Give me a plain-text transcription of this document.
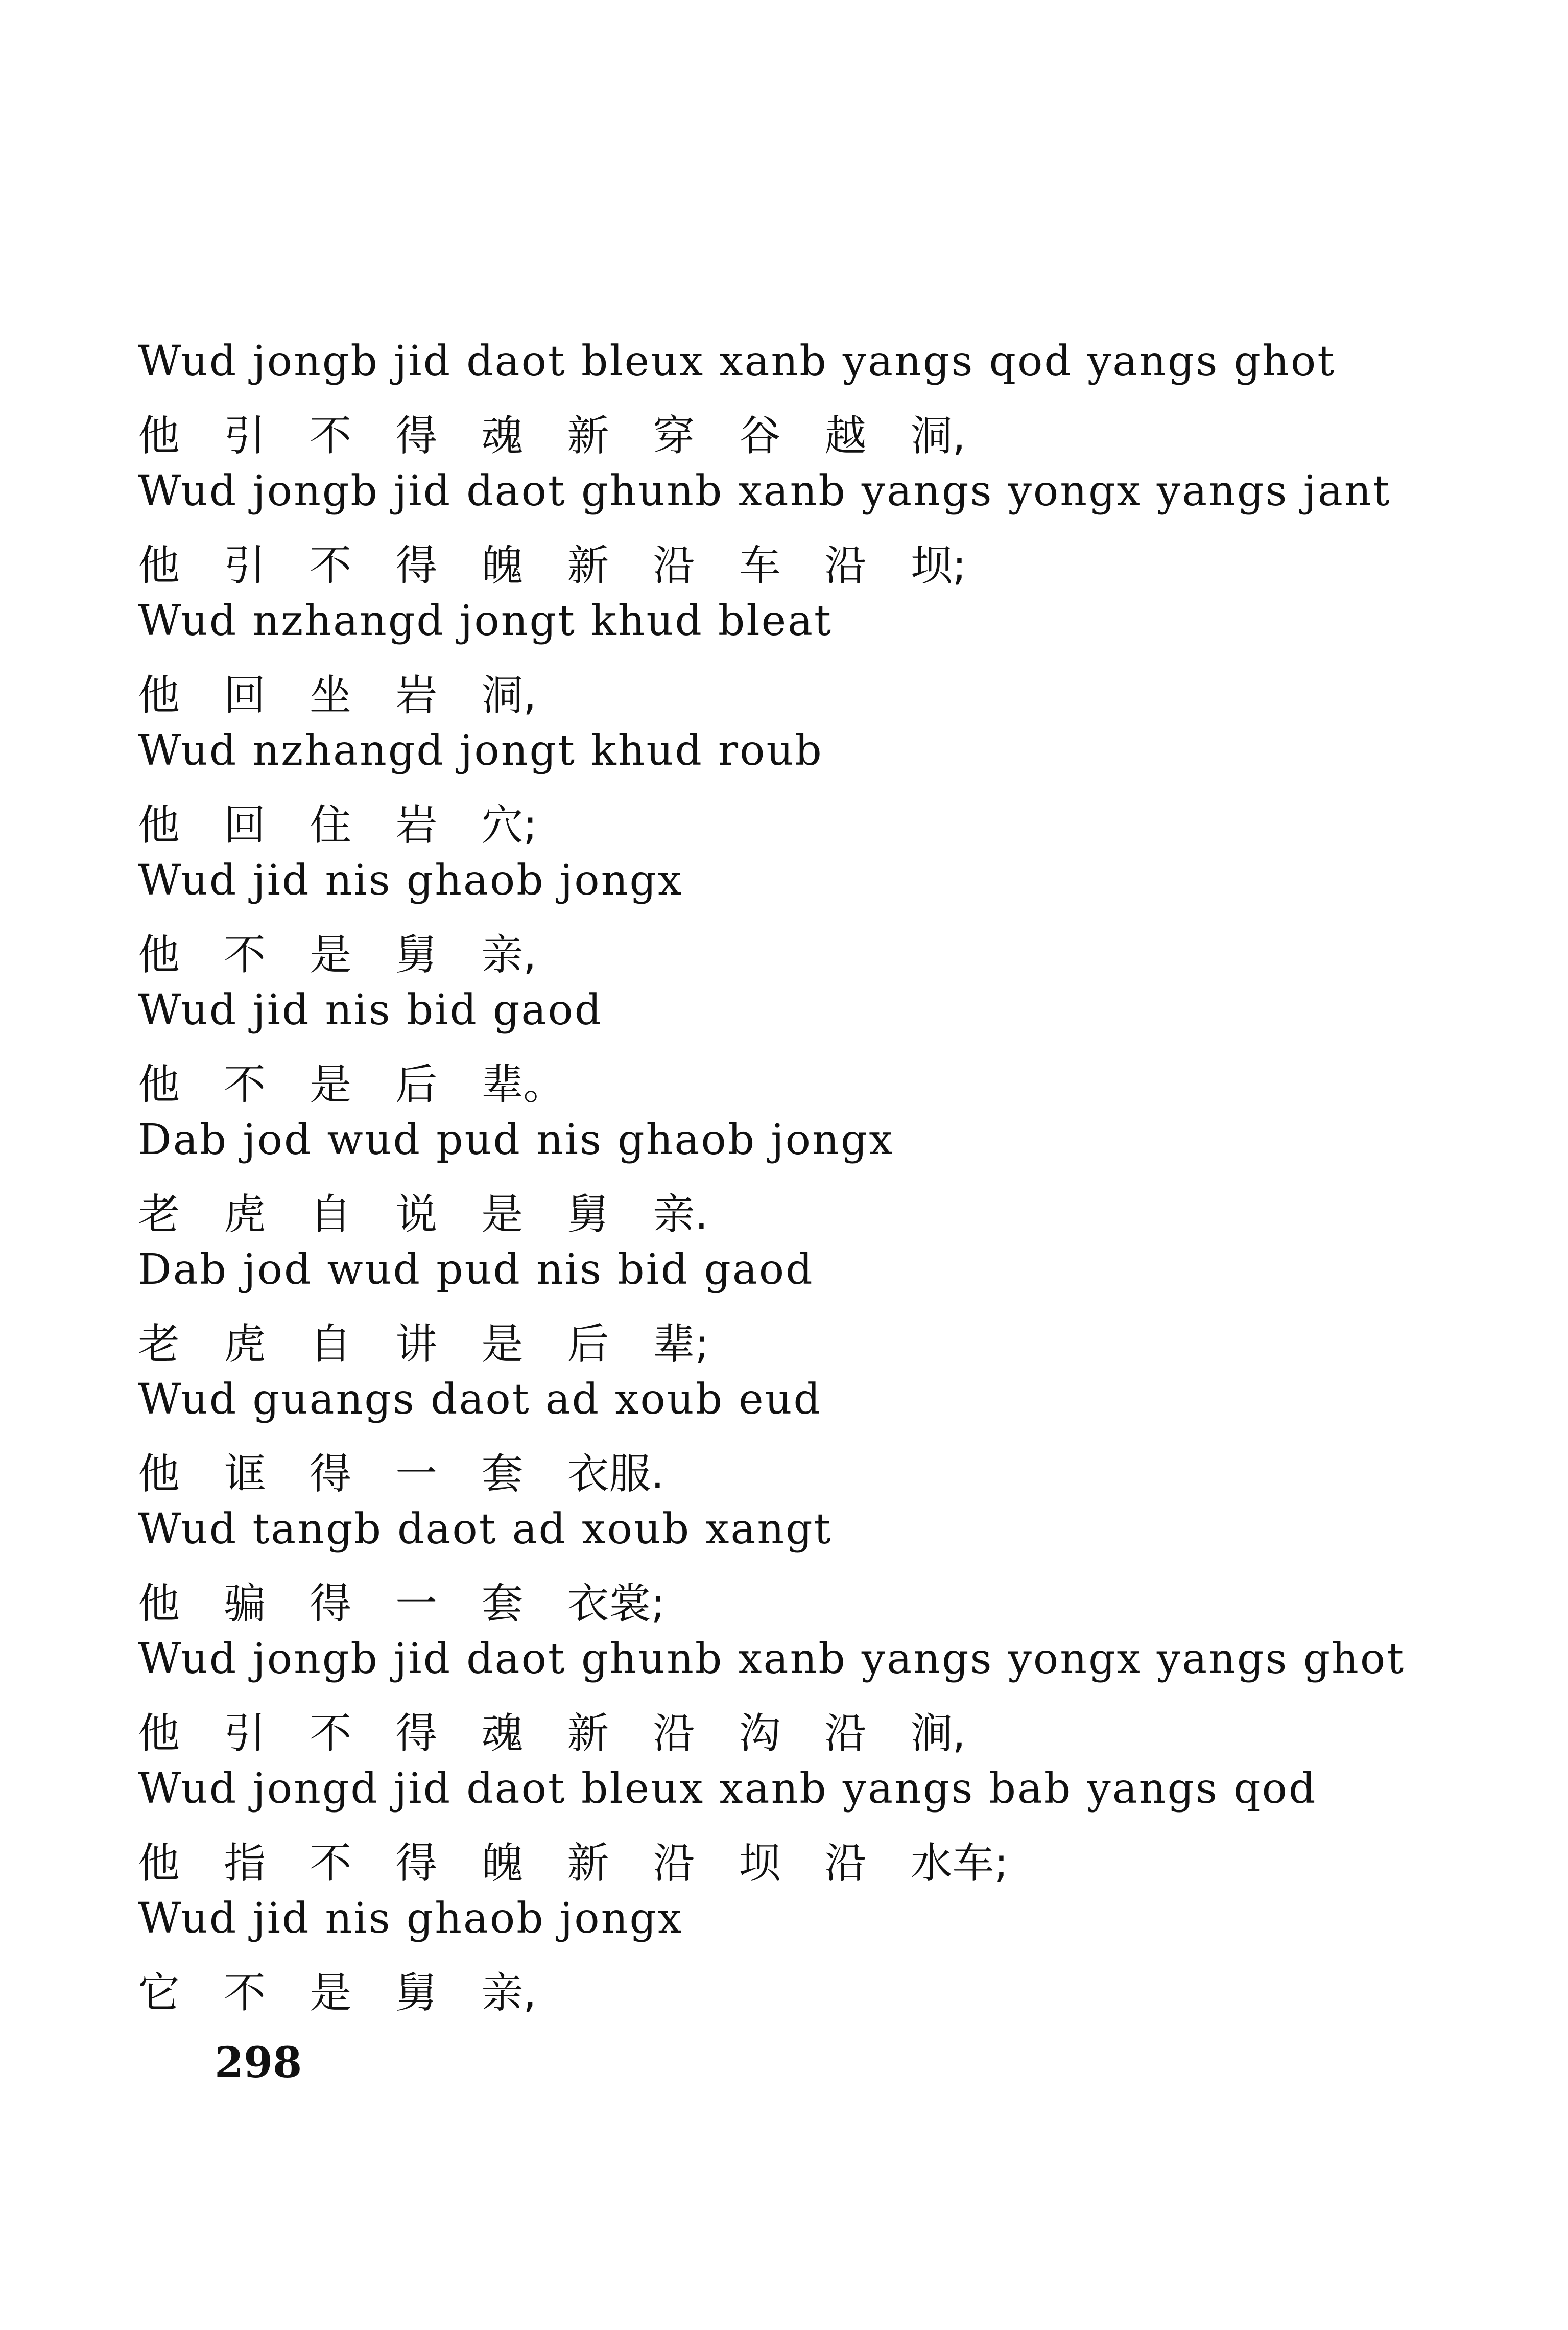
Wud jongb jid daot bleux xanb yangs qod yangs ghot
他 引 不 得 魂 新 穿 谷 越 洞,
Wud jongb jid daot ghunb xanb yangs yongx yangs jant
他 引 不 得 魄 新 沿 车 沿 坝;
Wud nzhangd jongt khud bleat
他 回 坐 岩 洞,
Wud nzhangd jongt khud roub
他 回 住 岩 穴;
Wud jid nis ghaob jongx
他 不 是 舅 亲,
Wud jid nis bid gaod
他 不 是 后 辈。
Dab jod wud pud nis ghaob jongx
老 虎 自 说 是 舅 亲.
Dab jod wud pud nis bid gaod
老 虎 自 讲 是 后 辈;
Wud guangs daot ad xoub eud
他 诓 得 一 套 衣服.
Wud tangb daot ad xoub xangt
他 骗 得 一 套 衣裳;
Wud jongb jid daot ghunb xanb yangs yongx yangs ghot
他 引 不 得 魂 新 沿 沟 沿 涧,
Wud jongd jid daot bleux xanb yangs bab yangs qod
他 指 不 得 魄 新 沿 坝 沿 水车;
Wud jid nis ghaob jongx
它 不 是 舅 亲,
298
